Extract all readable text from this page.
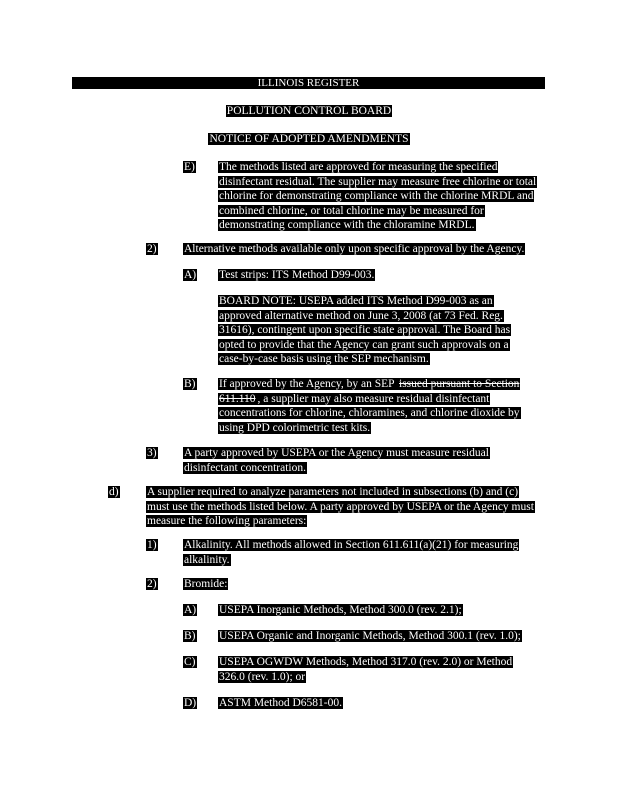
ILLINOIS REGISTER
POLLUTION CONTROL BOARD
NOTICE OF ADOPTED AMENDMENTS
E) The methods listed are approved for measuring the specified disinfectant residual. The supplier may measure free chlorine or total chlorine for demonstrating compliance with the chlorine MRDL and combined chlorine, or total chlorine may be measured for demonstrating compliance with the chloramine MRDL.
2) Alternative methods available only upon specific approval by the Agency.
A) Test strips: ITS Method D99-003.
BOARD NOTE: USEPA added ITS Method D99-003 as an approved alternative method on June 3, 2008 (at 73 Fed. Reg. 31616), contingent upon specific state approval. The Board has opted to provide that the Agency can grant such approvals on a case-by-case basis using the SEP mechanism.
B) If approved by the Agency, by an SEP issued pursuant to Section 611.110 , a supplier may also measure residual disinfectant concentrations for chlorine, chloramines, and chlorine dioxide by using DPD colorimetric test kits.
3) A party approved by USEPA or the Agency must measure residual disinfectant concentration.
d) A supplier required to analyze parameters not included in subsections (b) and (c) must use the methods listed below. A party approved by USEPA or the Agency must measure the following parameters:
1) Alkalinity. All methods allowed in Section 611.611(a)(21) for measuring alkalinity.
2) Bromide:
A) USEPA Inorganic Methods, Method 300.0 (rev. 2.1);
B) USEPA Organic and Inorganic Methods, Method 300.1 (rev. 1.0);
C) USEPA OGWDW Methods, Method 317.0 (rev. 2.0) or Method 326.0 (rev. 1.0); or
D) ASTM Method D6581-00.
